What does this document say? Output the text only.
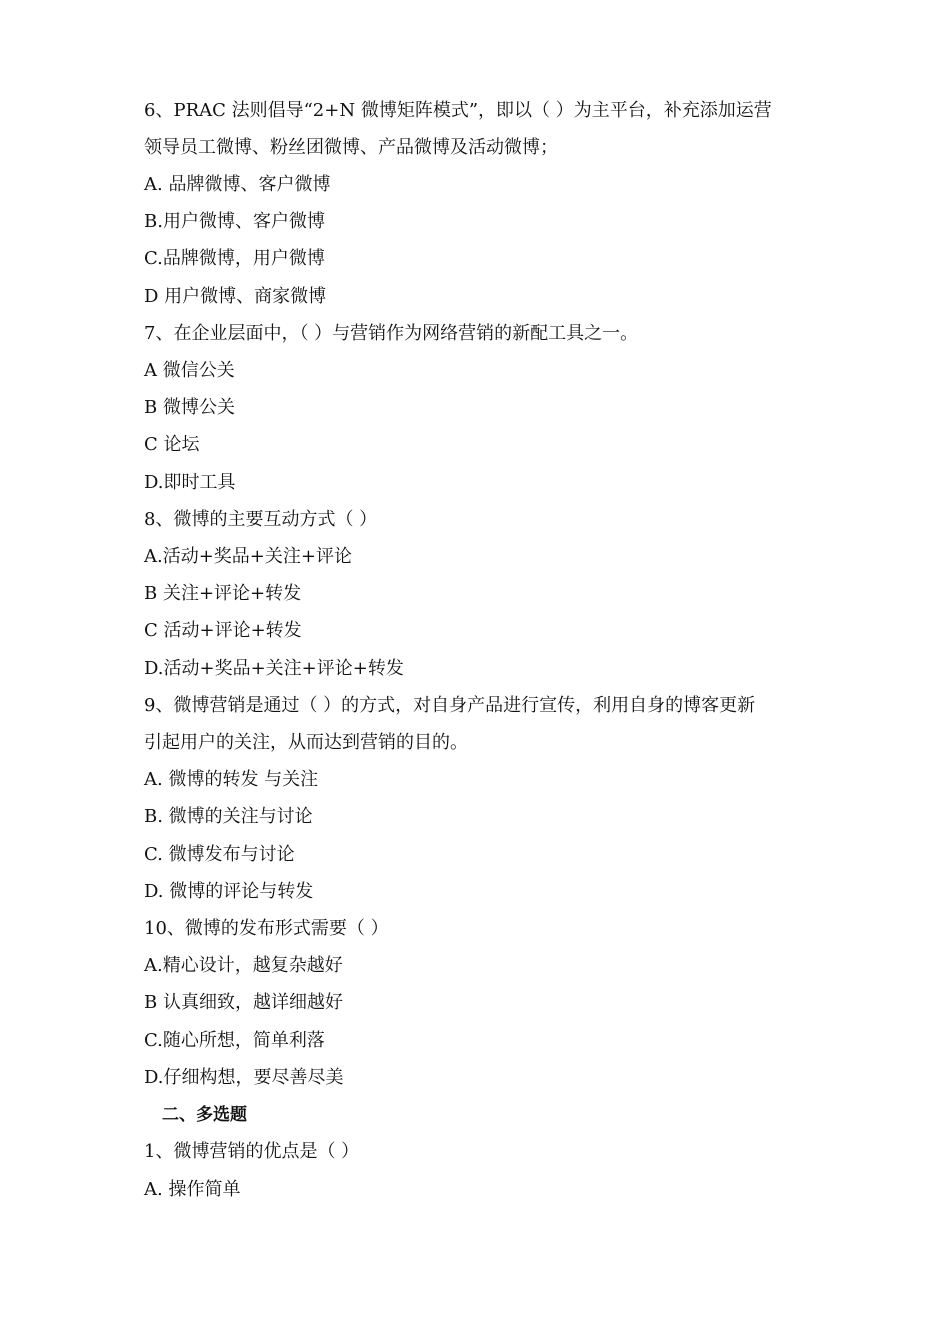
6、PRAC 法则倡导“2+N 微博矩阵模式”，即以（ ）为主平台，补充添加运营
领导员工微博、粉丝团微博、产品微博及活动微博；
A. 品牌微博、客户微博
B.用户微博、客户微博
C.品牌微博，用户微博
D 用户微博、商家微博
7、在企业层面中，（ ）与营销作为网络营销的新配工具之一。
A 微信公关
B 微博公关
C 论坛
D.即时工具
8、微博的主要互动方式（ ）
A.活动+奖品+关注+评论
B 关注+评论+转发
C 活动+评论+转发
D.活动+奖品+关注+评论+转发
9、微博营销是通过（ ）的方式，对自身产品进行宣传，利用自身的博客更新
引起用户的关注，从而达到营销的目的。
A. 微博的转发 与关注
B. 微博的关注与讨论
C. 微博发布与讨论
D. 微博的评论与转发
10、微博的发布形式需要（ ）
A.精心设计，越复杂越好
B 认真细致，越详细越好
C.随心所想，简单利落
D.仔细构想，要尽善尽美
二、多选题
1、微博营销的优点是（ ）
A. 操作简单
